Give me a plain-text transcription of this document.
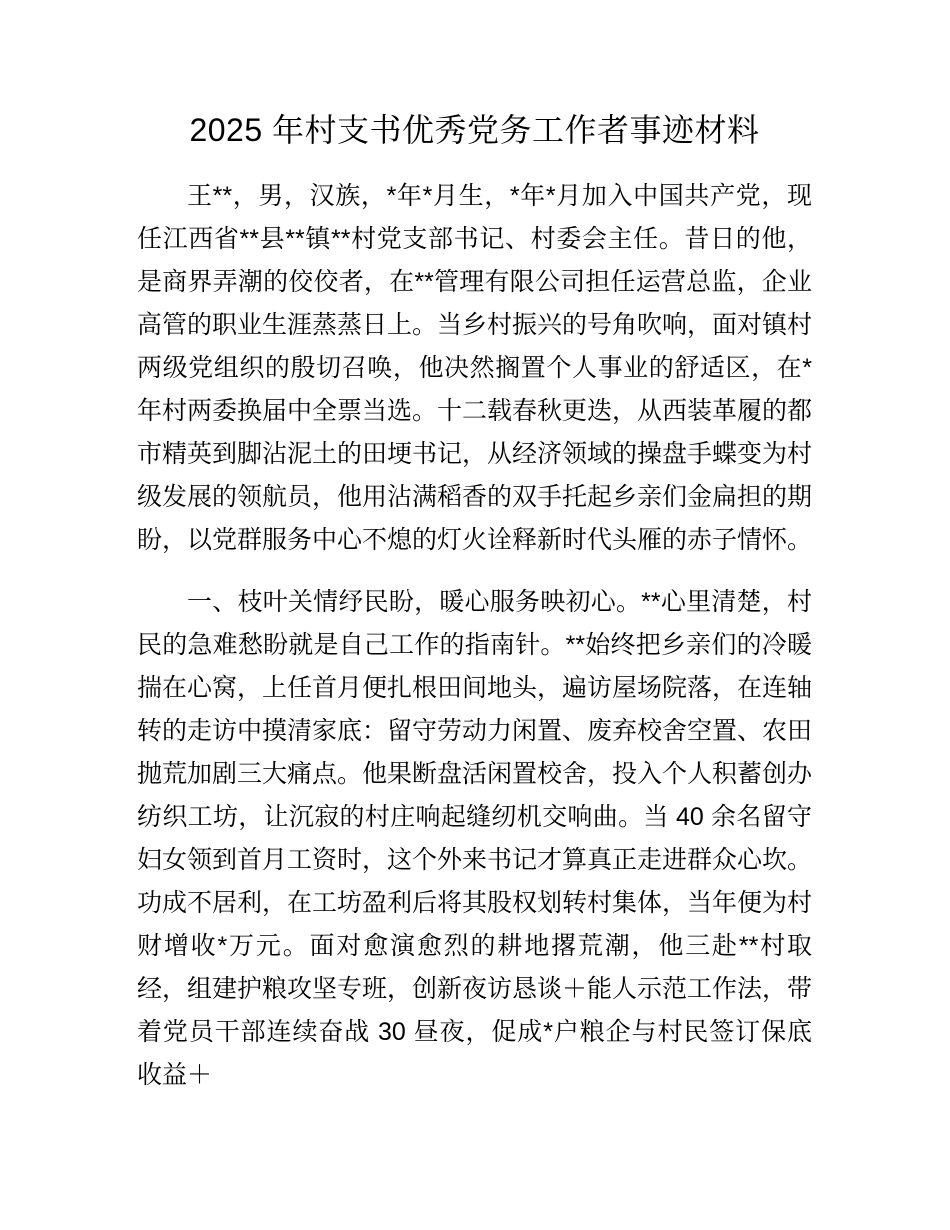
2025 年村支书优秀党务工作者事迹材料

王**，男，汉族，*年*月生，*年*月加入中国共产党，现任江西省**县**镇**村党支部书记、村委会主任。昔日的他，是商界弄潮的佼佼者，在**管理有限公司担任运营总监，企业高管的职业生涯蒸蒸日上。当乡村振兴的号角吹响，面对镇村两级党组织的殷切召唤，他决然搁置个人事业的舒适区，在*年村两委换届中全票当选。十二载春秋更迭，从西装革履的都市精英到脚沾泥土的田埂书记，从经济领域的操盘手蝶变为村级发展的领航员，他用沾满稻香的双手托起乡亲们金扁担的期盼，以党群服务中心不熄的灯火诠释新时代头雁的赤子情怀。

一、枝叶关情纾民盼，暖心服务映初心。**心里清楚，村民的急难愁盼就是自己工作的指南针。**始终把乡亲们的冷暖揣在心窝，上任首月便扎根田间地头，遍访屋场院落，在连轴转的走访中摸清家底：留守劳动力闲置、废弃校舍空置、农田抛荒加剧三大痛点。他果断盘活闲置校舍，投入个人积蓄创办纺织工坊，让沉寂的村庄响起缝纫机交响曲。当 40 余名留守妇女领到首月工资时，这个外来书记才算真正走进群众心坎。功成不居利，在工坊盈利后将其股权划转村集体，当年便为村财增收*万元。面对愈演愈烈的耕地撂荒潮，他三赴**村取经，组建护粮攻坚专班，创新夜访恳谈＋能人示范工作法，带着党员干部连续奋战 30 昼夜，促成*户粮企与村民签订保底收益＋
